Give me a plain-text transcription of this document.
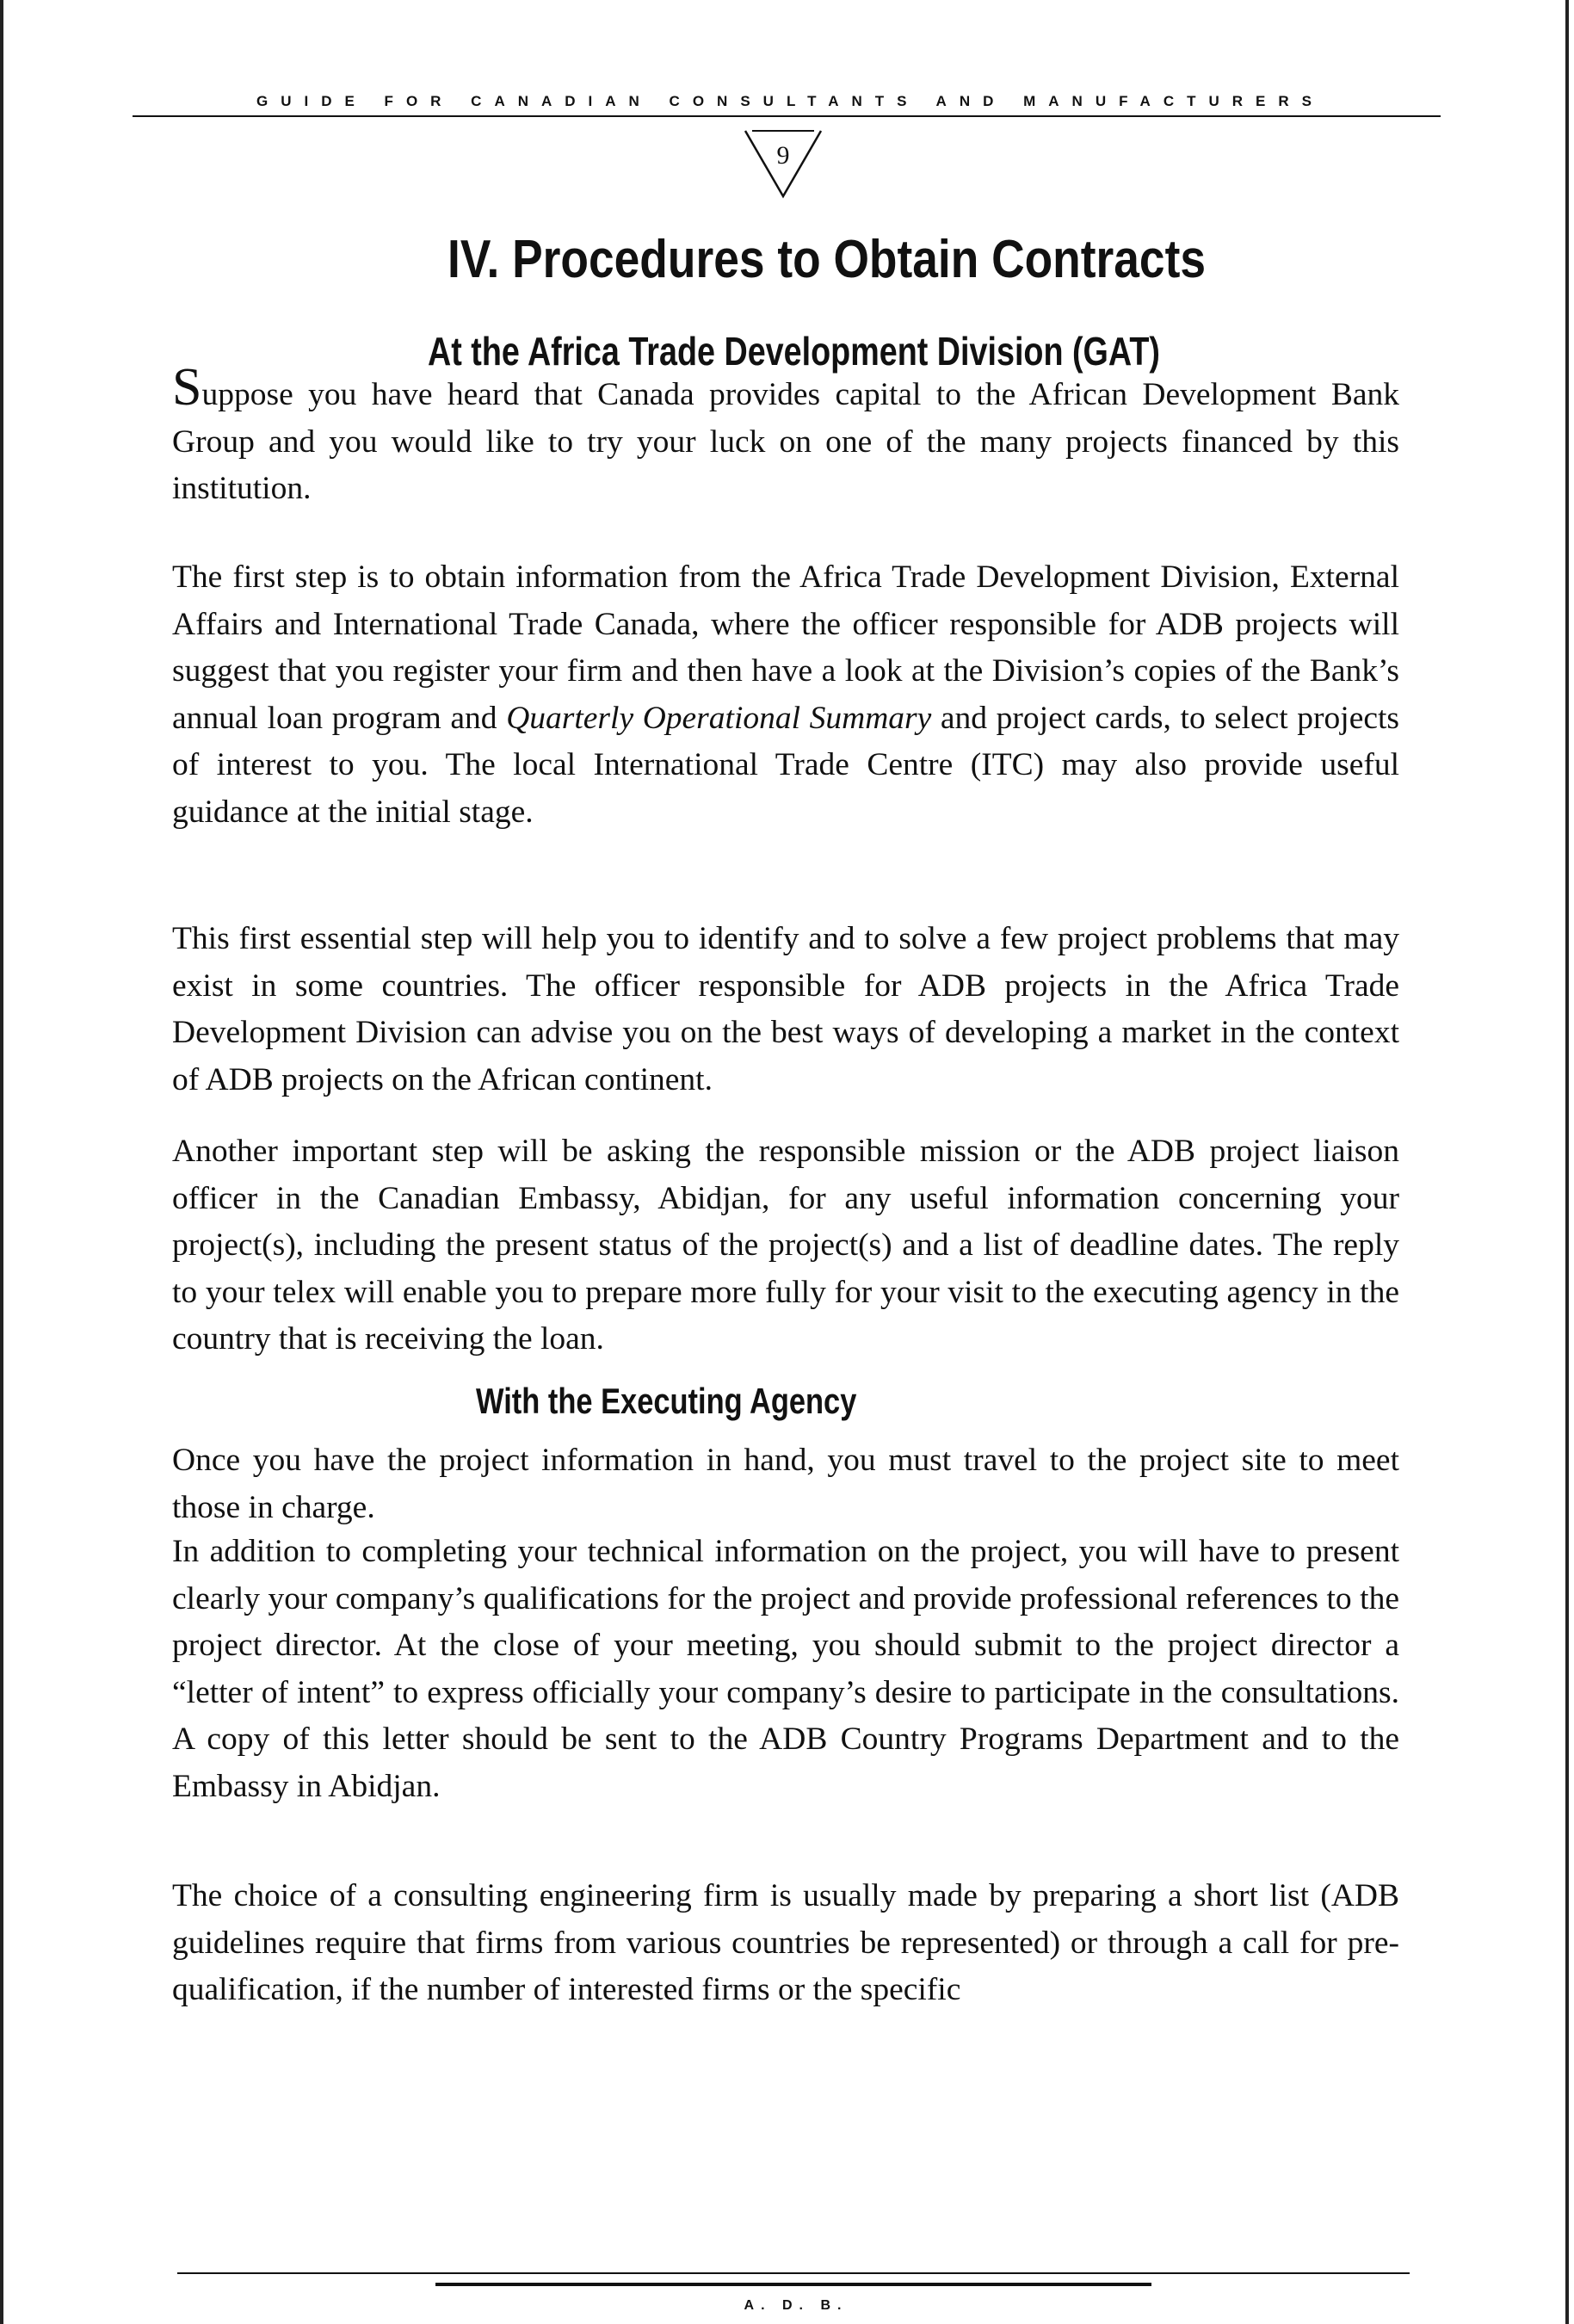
GUIDE FOR CANADIAN CONSULTANTS AND MANUFACTURERS
9
IV. Procedures to Obtain Contracts
At the Africa Trade Development Division (GAT)

Suppose you have heard that Canada provides capital to the African Development Bank Group and you would like to try your luck on one of the many projects financed by this institution.

The first step is to obtain information from the Africa Trade Development Division, External Affairs and International Trade Canada, where the officer responsible for ADB projects will suggest that you register your firm and then have a look at the Division’s copies of the Bank’s annual loan program and Quarterly Operational Summary and project cards, to select projects of interest to you. The local International Trade Centre (ITC) may also provide useful guidance at the initial stage.

This first essential step will help you to identify and to solve a few project problems that may exist in some countries. The officer responsible for ADB projects in the Africa Trade Development Division can advise you on the best ways of developing a market in the context of ADB projects on the African continent.

Another important step will be asking the responsible mission or the ADB project liaison officer in the Canadian Embassy, Abidjan, for any useful information concerning your project(s), including the present status of the project(s) and a list of deadline dates. The reply to your telex will enable you to prepare more fully for your visit to the executing agency in the country that is receiving the loan.

With the Executing Agency

Once you have the project information in hand, you must travel to the project site to meet those in charge.

In addition to completing your technical information on the project, you will have to present clearly your company’s qualifications for the project and provide professional references to the project director. At the close of your meeting, you should submit to the project director a “letter of intent” to express officially your company’s desire to participate in the consultations. A copy of this letter should be sent to the ADB Country Programs Department and to the Embassy in Abidjan.

The choice of a consulting engineering firm is usually made by preparing a short list (ADB guidelines require that firms from various countries be represented) or through a call for pre-qualification, if the number of interested firms or the specific

A. D. B.
